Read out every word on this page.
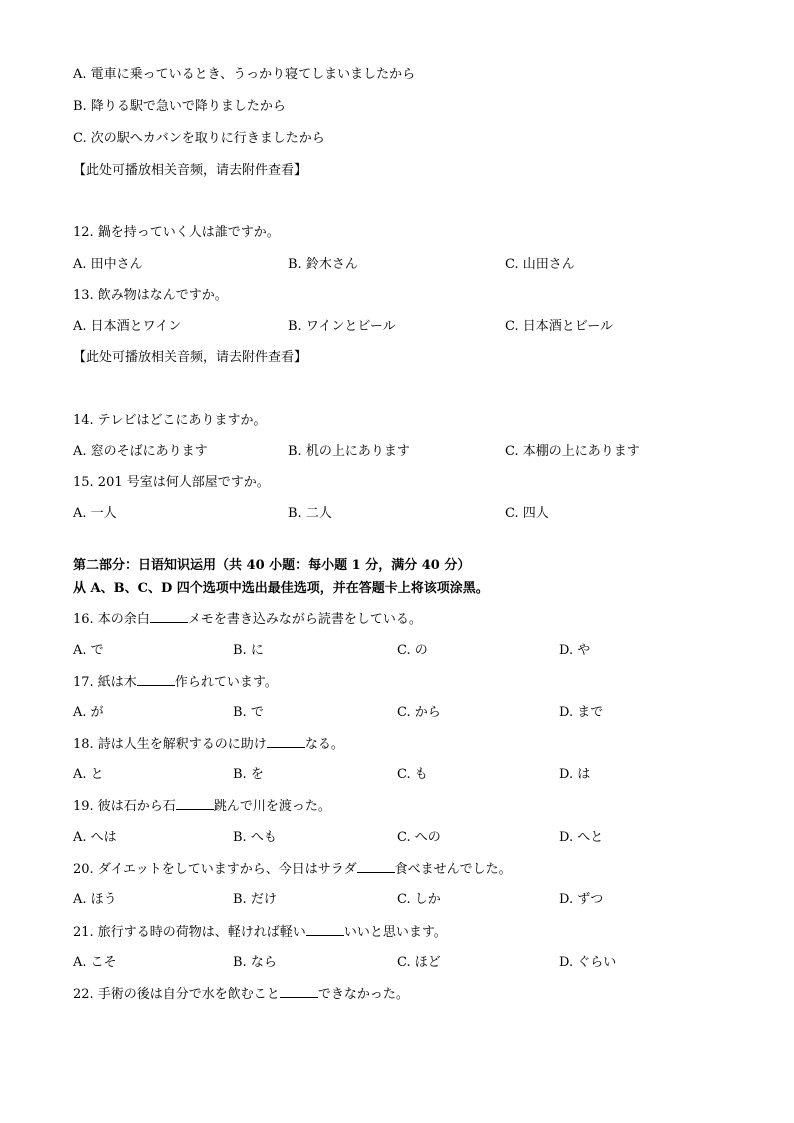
A. 電車に乗っているとき、うっかり寝てしまいましたから
B. 降りる駅で急いで降りましたから
C. 次の駅へカバンを取りに行きましたから
【此处可播放相关音频，请去附件查看】
12. 鍋を持っていく人は誰ですか。
A. 田中さん	B. 鈴木さん	C. 山田さん
13. 飲み物はなんですか。
A. 日本酒とワイン	B. ワインとビール	C. 日本酒とビール
【此处可播放相关音频，请去附件查看】
14. テレビはどこにありますか。
A. 窓のそばにあります	B. 机の上にあります	C. 本棚の上にあります
15. 201 号室は何人部屋ですか。
A. 一人	B. 二人	C. 四人
第二部分：日语知识运用（共 40 小题：每小题 1 分，满分 40 分）
从 A、B、C、D 四个选项中选出最佳选项，并在答题卡上将该项涂黑。
16. 本の余白	メモを書き込みながら読書をしている。
A. で	B. に	C. の	D. や
17. 紙は木	作られています。
A. が	B. で	C. から	D. まで
18. 詩は人生を解釈するのに助け	なる。
A. と	B. を	C. も	D. は
19. 彼は石から石	跳んで川を渡った。
A. へは	B. へも	C. への	D. へと
20. ダイエットをしていますから、今日はサラダ	食べませんでした。
A. ほう	B. だけ	C. しか	D. ずつ
21. 旅行する時の荷物は、軽ければ軽い	いいと思います。
A. こそ	B. なら	C. ほど	D. ぐらい
22. 手術の後は自分で水を飲むこと	できなかった。
